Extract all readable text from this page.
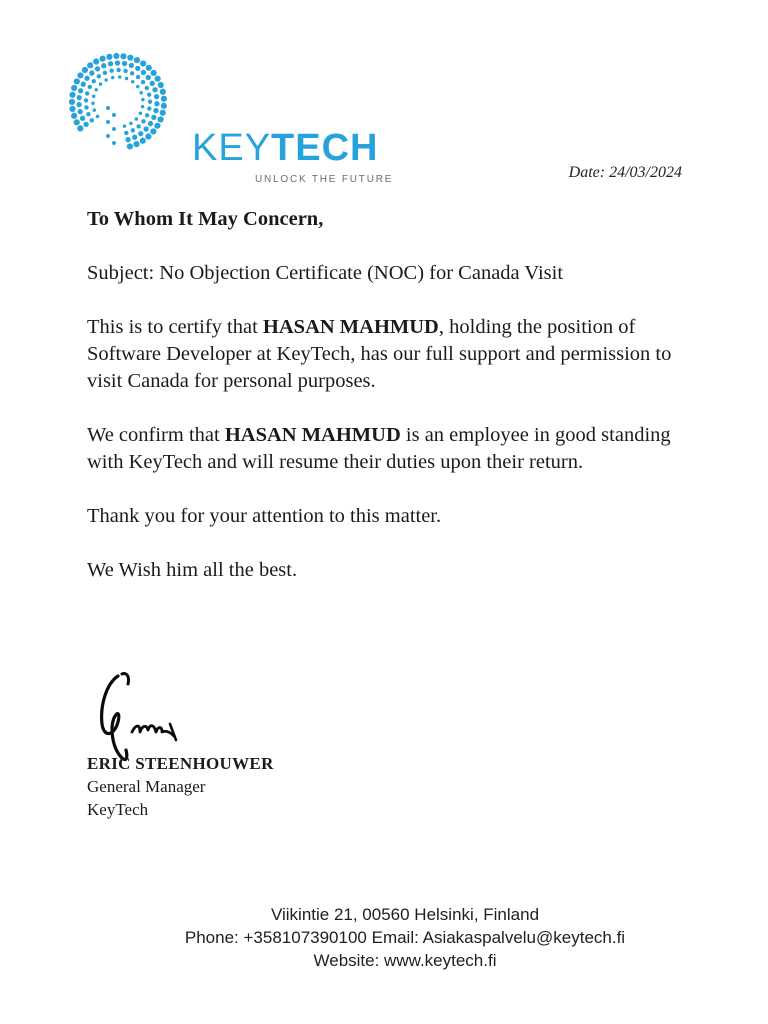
KEYTECH
UNLOCK THE FUTURE	Date: 24/03/2024
To Whom It May Concern,

Subject: No Objection Certificate (NOC) for Canada Visit

This is to certify that HASAN MAHMUD, holding the position of Software Developer at KeyTech, has our full support and permission to visit Canada for personal purposes.

We confirm that HASAN MAHMUD is an employee in good standing with KeyTech and will resume their duties upon their return.

Thank you for your attention to this matter.

We Wish him all the best.

ERIC STEENHOUWER
General Manager
KeyTech
Viikintie 21, 00560 Helsinki, Finland
Phone: +358107390100 Email: Asiakaspalvelu@keytech.fi
Website: www.keytech.fi
